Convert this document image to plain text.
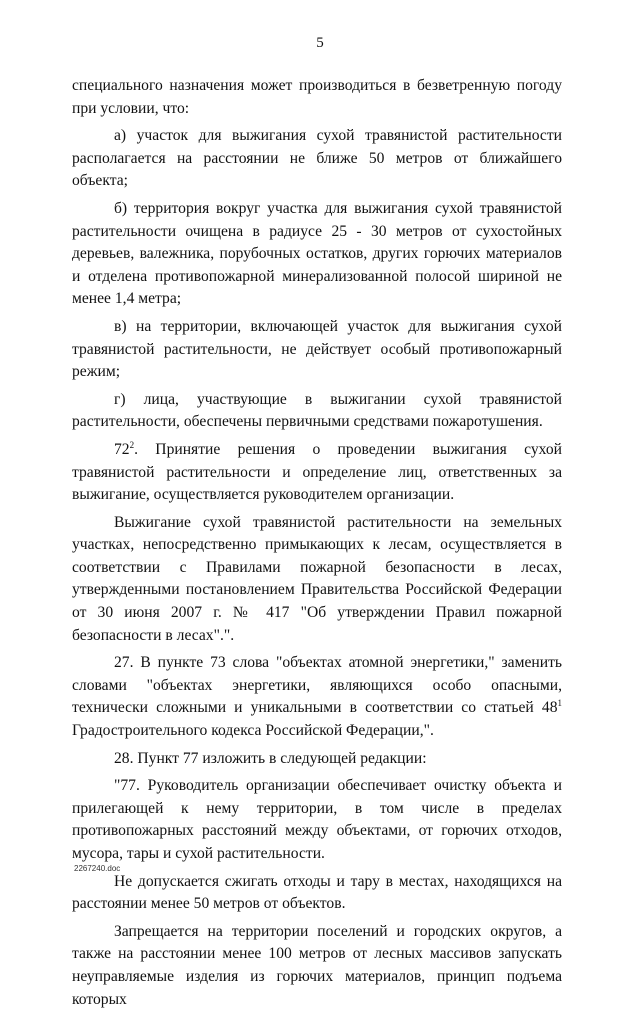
5

специального назначения может производиться в безветренную погоду при условии, что:

а) участок для выжигания сухой травянистой растительности располагается на расстоянии не ближе 50 метров от ближайшего объекта;

б) территория вокруг участка для выжигания сухой травянистой растительности очищена в радиусе 25 - 30 метров от сухостойных деревьев, валежника, порубочных остатков, других горючих материалов и отделена противопожарной минерализованной полосой шириной не менее 1,4 метра;

в) на территории, включающей участок для выжигания сухой травянистой растительности, не действует особый противопожарный режим;

г) лица, участвующие в выжигании сухой травянистой растительности, обеспечены первичными средствами пожаротушения.

$72^2$. Принятие решения о проведении выжигания сухой травянистой растительности и определение лиц, ответственных за выжигание, осуществляется руководителем организации.

Выжигание сухой травянистой растительности на земельных участках, непосредственно примыкающих к лесам, осуществляется в соответствии с Правилами пожарной безопасности в лесах, утвержденными постановлением Правительства Российской Федерации от 30 июня 2007 г. № 417 "Об утверждении Правил пожарной безопасности в лесах".".

27. В пункте 73 слова "объектах атомной энергетики," заменить словами "объектах энергетики, являющихся особо опасными, технически сложными и уникальными в соответствии со статьей $48^1$ Градостроительного кодекса Российской Федерации,".

28. Пункт 77 изложить в следующей редакции:

"77. Руководитель организации обеспечивает очистку объекта и прилегающей к нему территории, в том числе в пределах противопожарных расстояний между объектами, от горючих отходов, мусора, тары и сухой растительности.

Не допускается сжигать отходы и тару в местах, находящихся на расстоянии менее 50 метров от объектов.

Запрещается на территории поселений и городских округов, а также на расстоянии менее 100 метров от лесных массивов запускать неуправляемые изделия из горючих материалов, принцип подъема которых

2267240.doc
